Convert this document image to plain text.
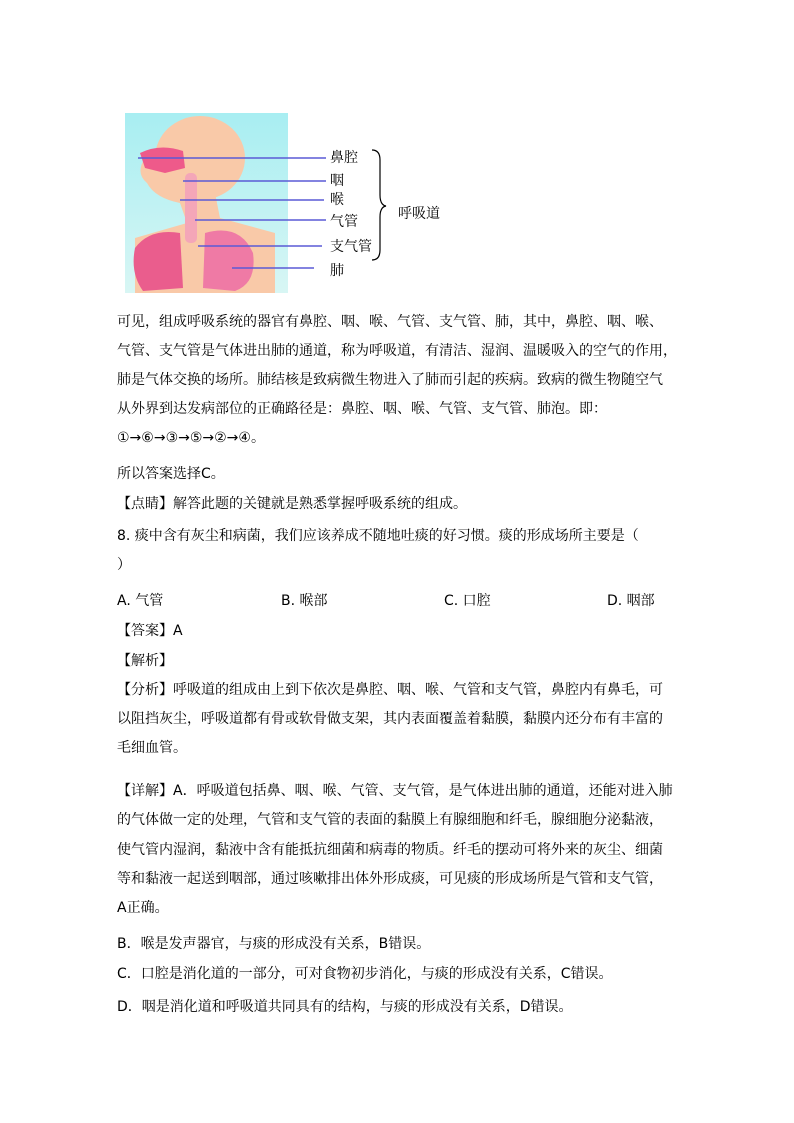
鼻腔
咽
喉
气管
支气管
肺
呼吸道
可见，组成呼吸系统的器官有鼻腔、咽、喉、气管、支气管、肺，其中，鼻腔、咽、喉、
气管、支气管是气体进出肺的通道，称为呼吸道，有清洁、湿润、温暖吸入的空气的作用，
肺是气体交换的场所。肺结核是致病微生物进入了肺而引起的疾病。致病的微生物随空气
从外界到达发病部位的正确路径是：鼻腔、咽、喉、气管、支气管、肺泡。即：
①→⑥→③→⑤→②→④。
所以答案选择C。
【点睛】解答此题的关键就是熟悉掌握呼吸系统的组成。
8. 痰中含有灰尘和病菌，我们应该养成不随地吐痰的好习惯。痰的形成场所主要是（
）
A. 气管	B. 喉部	C. 口腔	D. 咽部
【答案】A
【解析】
【分析】呼吸道的组成由上到下依次是鼻腔、咽、喉、气管和支气管，鼻腔内有鼻毛，可
以阻挡灰尘，呼吸道都有骨或软骨做支架，其内表面覆盖着黏膜，黏膜内还分布有丰富的
毛细血管。
【详解】A．呼吸道包括鼻、咽、喉、气管、支气管，是气体进出肺的通道，还能对进入肺
的气体做一定的处理，气管和支气管的表面的黏膜上有腺细胞和纤毛，腺细胞分泌黏液，
使气管内湿润，黏液中含有能抵抗细菌和病毒的物质。纤毛的摆动可将外来的灰尘、细菌
等和黏液一起送到咽部，通过咳嗽排出体外形成痰，可见痰的形成场所是气管和支气管，
A正确。
B．喉是发声器官，与痰的形成没有关系，B错误。
C．口腔是消化道的一部分，可对食物初步消化，与痰的形成没有关系，C错误。
D．咽是消化道和呼吸道共同具有的结构，与痰的形成没有关系，D错误。
